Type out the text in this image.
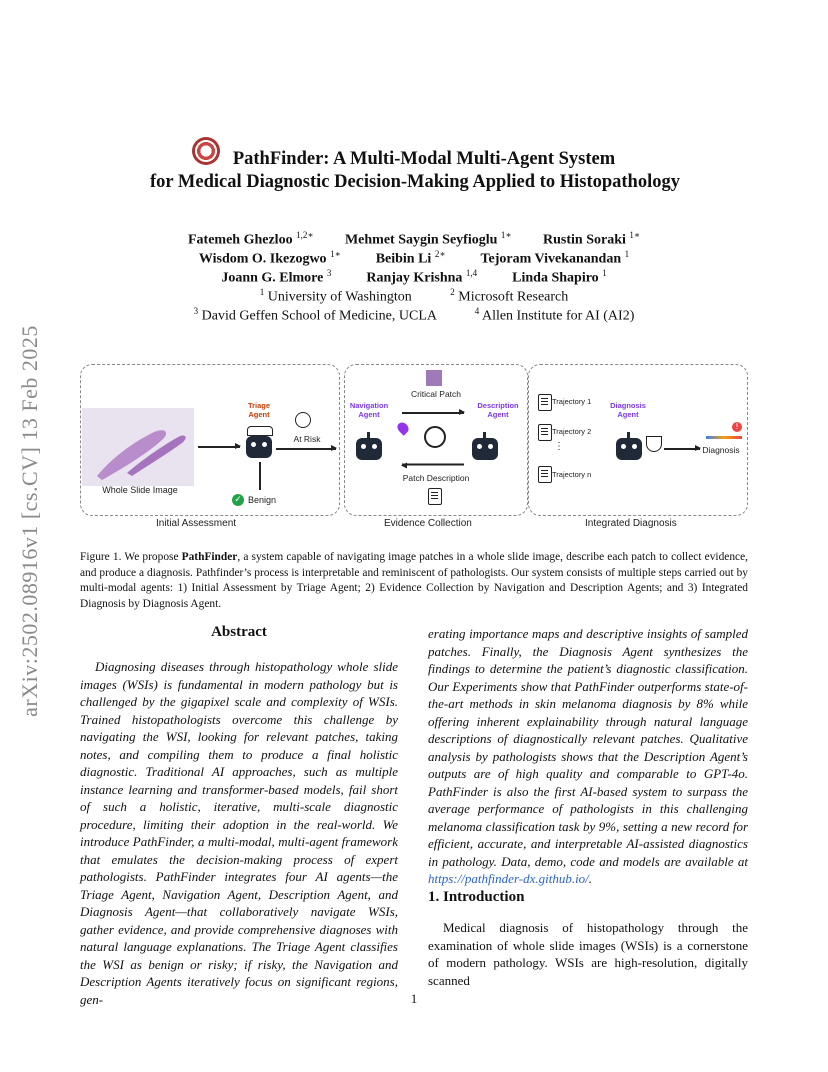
arXiv:2502.08916v1 [cs.CV] 13 Feb 2025
PathFinder: A Multi-Modal Multi-Agent System
for Medical Diagnostic Decision-Making Applied to Histopathology
Fatemeh Ghezloo $^{1,2∗}$ Mehmet Saygin Seyfioglu $^{1∗}$ Rustin Soraki $^{1∗}$
Wisdom O. Ikezogwo $^{1∗}$	Beibin Li $^{2∗}$	Tejoram Vivekanandan $^1$
Joann G. Elmore $^3$	Ranjay Krishna $^{1,4}$	Linda Shapiro $^1$
$^1$ University of Washington	$^2$ Microsoft Research
$^3$ David Geffen School of Medicine, UCLA	$^4$ Allen Institute for AI (AI2)
Whole Slide Image
Triage
Agent
At Risk
✓ Benign
Initial Assessment
Navigation
Agent
Critical Patch
Description
Agent
Patch Description
Evidence Collection
Trajectory 1
Trajectory 2
⋮
Trajectory n
Diagnosis
Agent
!
Diagnosis
Integrated Diagnosis
Figure 1. We propose PathFinder, a system capable of navigating image patches in a whole slide image, describe each patch to collect evidence, and produce a diagnosis. Pathfinder’s process is interpretable and reminiscent of pathologists. Our system consists of multiple steps carried out by multi-modal agents: 1) Initial Assessment by Triage Agent; 2) Evidence Collection by Navigation and Description Agents; and 3) Integrated Diagnosis by Diagnosis Agent.
Abstract

Diagnosing diseases through histopathology whole slide images (WSIs) is fundamental in modern pathology but is challenged by the gigapixel scale and complexity of WSIs. Trained histopathologists overcome this challenge by navigating the WSI, looking for relevant patches, taking notes, and compiling them to produce a final holistic diagnostic. Traditional AI approaches, such as multiple instance learning and transformer-based models, fail short of such a holistic, iterative, multi-scale diagnostic procedure, limiting their adoption in the real-world. We introduce PathFinder, a multi-modal, multi-agent framework that emulates the decision-making process of expert pathologists. PathFinder integrates four AI agents—the Triage Agent, Navigation Agent, Description Agent, and Diagnosis Agent—that collaboratively navigate WSIs, gather evidence, and provide comprehensive diagnoses with natural language explanations. The Triage Agent classifies the WSI as benign or risky; if risky, the Navigation and Description Agents iteratively focus on significant regions, gen-

erating importance maps and descriptive insights of sampled patches. Finally, the Diagnosis Agent synthesizes the findings to determine the patient’s diagnostic classification. Our Experiments show that PathFinder outperforms state-of-the-art methods in skin melanoma diagnosis by 8% while offering inherent explainability through natural language descriptions of diagnostically relevant patches. Qualitative analysis by pathologists shows that the Description Agent’s outputs are of high quality and comparable to GPT-4o. PathFinder is also the first AI-based system to surpass the average performance of pathologists in this challenging melanoma classification task by 9%, setting a new record for efficient, accurate, and interpretable AI-assisted diagnostics in pathology. Data, demo, code and models are available at https://pathfinder-dx.github.io/.

1. Introduction

Medical diagnosis of histopathology through the examination of whole slide images (WSIs) is a cornerstone of modern pathology. WSIs are high-resolution, digitally scanned

1
